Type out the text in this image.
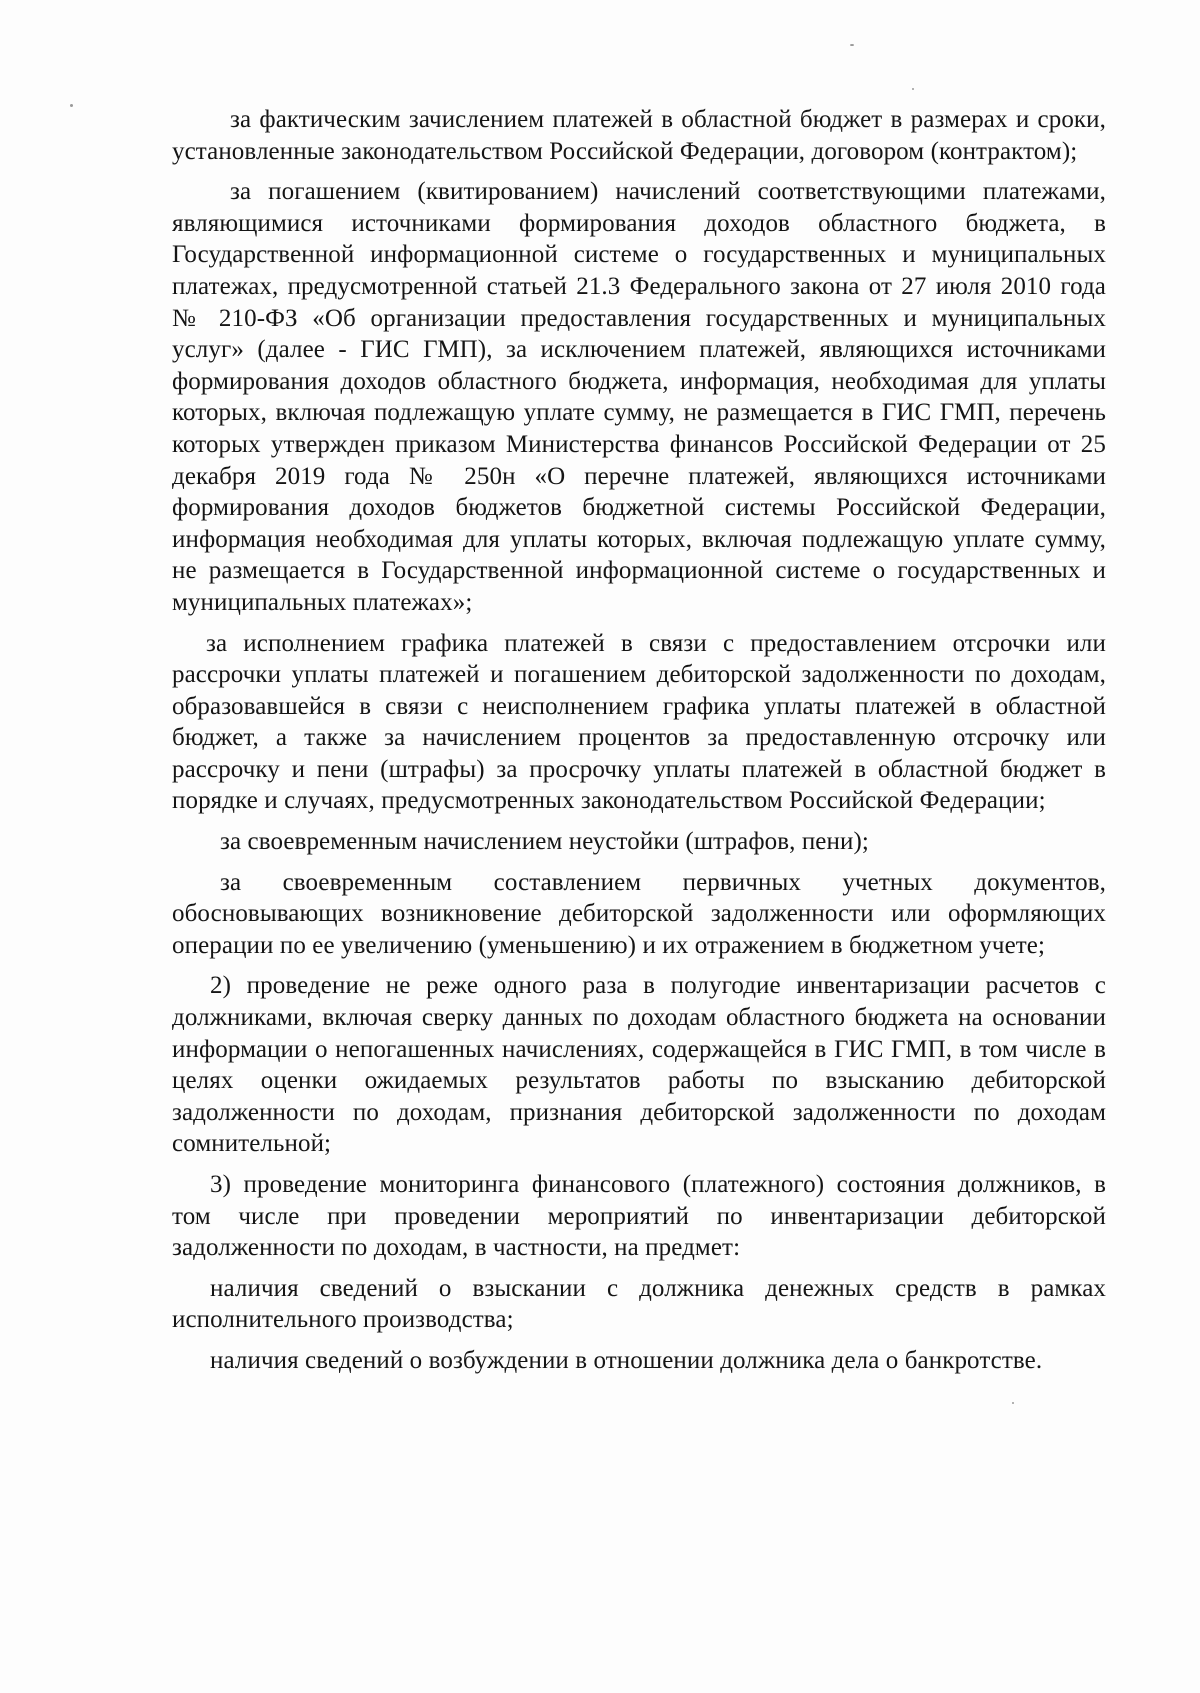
за фактическим зачислением платежей в областной бюджет в размерах и сроки, установленные законодательством Российской Федерации, договором (контрактом);

за погашением (квитированием) начислений соответствующими платежами, являющимися источниками формирования доходов областного бюджета, в Государственной информационной системе о государственных и муниципальных платежах, предусмотренной статьей 21.3 Федерального закона от 27 июля 2010 года № 210-ФЗ «Об организации предоставления государственных и муниципальных услуг» (далее - ГИС ГМП), за исключением платежей, являющихся источниками формирования доходов областного бюджета, информация, необходимая для уплаты которых, включая подлежащую уплате сумму, не размещается в ГИС ГМП, перечень которых утвержден приказом Министерства финансов Российской Федерации от 25 декабря 2019 года № 250н «О перечне платежей, являющихся источниками формирования доходов бюджетов бюджетной системы Российской Федерации, информация необходимая для уплаты которых, включая подлежащую уплате сумму, не размещается в Государственной информационной системе о государственных и муниципальных платежах»;

за исполнением графика платежей в связи с предоставлением отсрочки или рассрочки уплаты платежей и погашением дебиторской задолженности по доходам, образовавшейся в связи с неисполнением графика уплаты платежей в областной бюджет, а также за начислением процентов за предоставленную отсрочку или рассрочку и пени (штрафы) за просрочку уплаты платежей в областной бюджет в порядке и случаях, предусмотренных законодательством Российской Федерации;

за своевременным начислением неустойки (штрафов, пени);

за своевременным составлением первичных учетных документов, обосновывающих возникновение дебиторской задолженности или оформляющих операции по ее увеличению (уменьшению) и их отражением в бюджетном учете;

2) проведение не реже одного раза в полугодие инвентаризации расчетов с должниками, включая сверку данных по доходам областного бюджета на основании информации о непогашенных начислениях, содержащейся в ГИС ГМП, в том числе в целях оценки ожидаемых результатов работы по взысканию дебиторской задолженности по доходам, признания дебиторской задолженности по доходам сомнительной;

3) проведение мониторинга финансового (платежного) состояния должников, в том числе при проведении мероприятий по инвентаризации дебиторской задолженности по доходам, в частности, на предмет:

наличия сведений о взыскании с должника денежных средств в рамках исполнительного производства;

наличия сведений о возбуждении в отношении должника дела о банкротстве.
